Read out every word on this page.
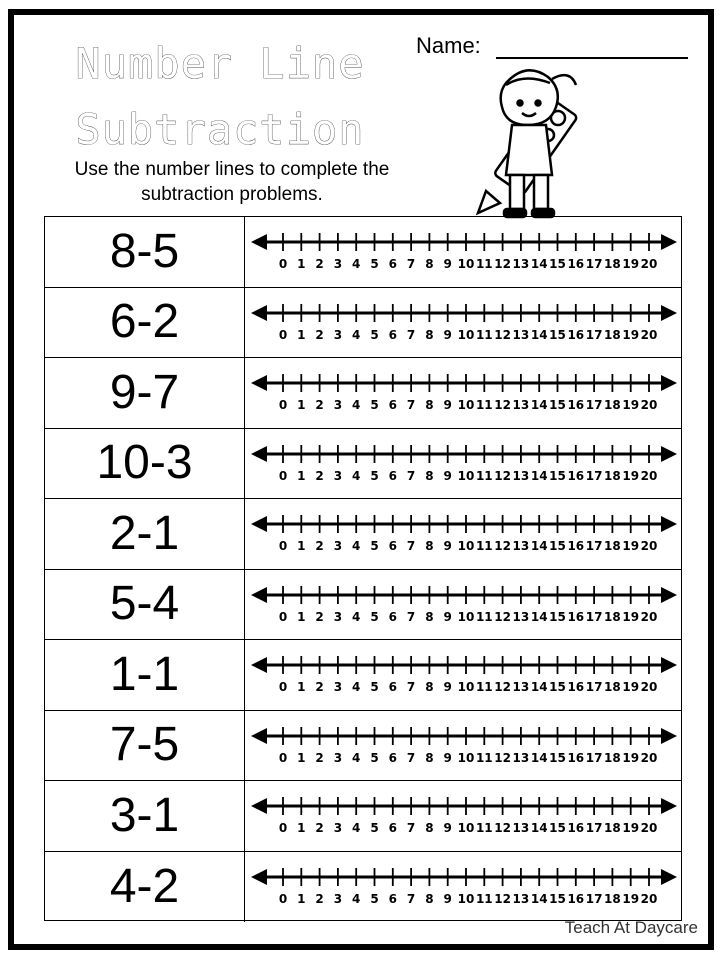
Number Line
Subtraction
Use the number lines to complete the subtraction problems.
Name:
8-5	0 1 2 3 4 5 6 7 8 9 10 11 12 13 14 15 16 17 18 19 20
6-2	0 1 2 3 4 5 6 7 8 9 10 11 12 13 14 15 16 17 18 19 20
9-7	0 1 2 3 4 5 6 7 8 9 10 11 12 13 14 15 16 17 18 19 20
10-3	0 1 2 3 4 5 6 7 8 9 10 11 12 13 14 15 16 17 18 19 20
2-1	0 1 2 3 4 5 6 7 8 9 10 11 12 13 14 15 16 17 18 19 20
5-4	0 1 2 3 4 5 6 7 8 9 10 11 12 13 14 15 16 17 18 19 20
1-1	0 1 2 3 4 5 6 7 8 9 10 11 12 13 14 15 16 17 18 19 20
7-5	0 1 2 3 4 5 6 7 8 9 10 11 12 13 14 15 16 17 18 19 20
3-1	0 1 2 3 4 5 6 7 8 9 10 11 12 13 14 15 16 17 18 19 20
4-2	0 1 2 3 4 5 6 7 8 9 10 11 12 13 14 15 16 17 18 19 20
Teach At Daycare
